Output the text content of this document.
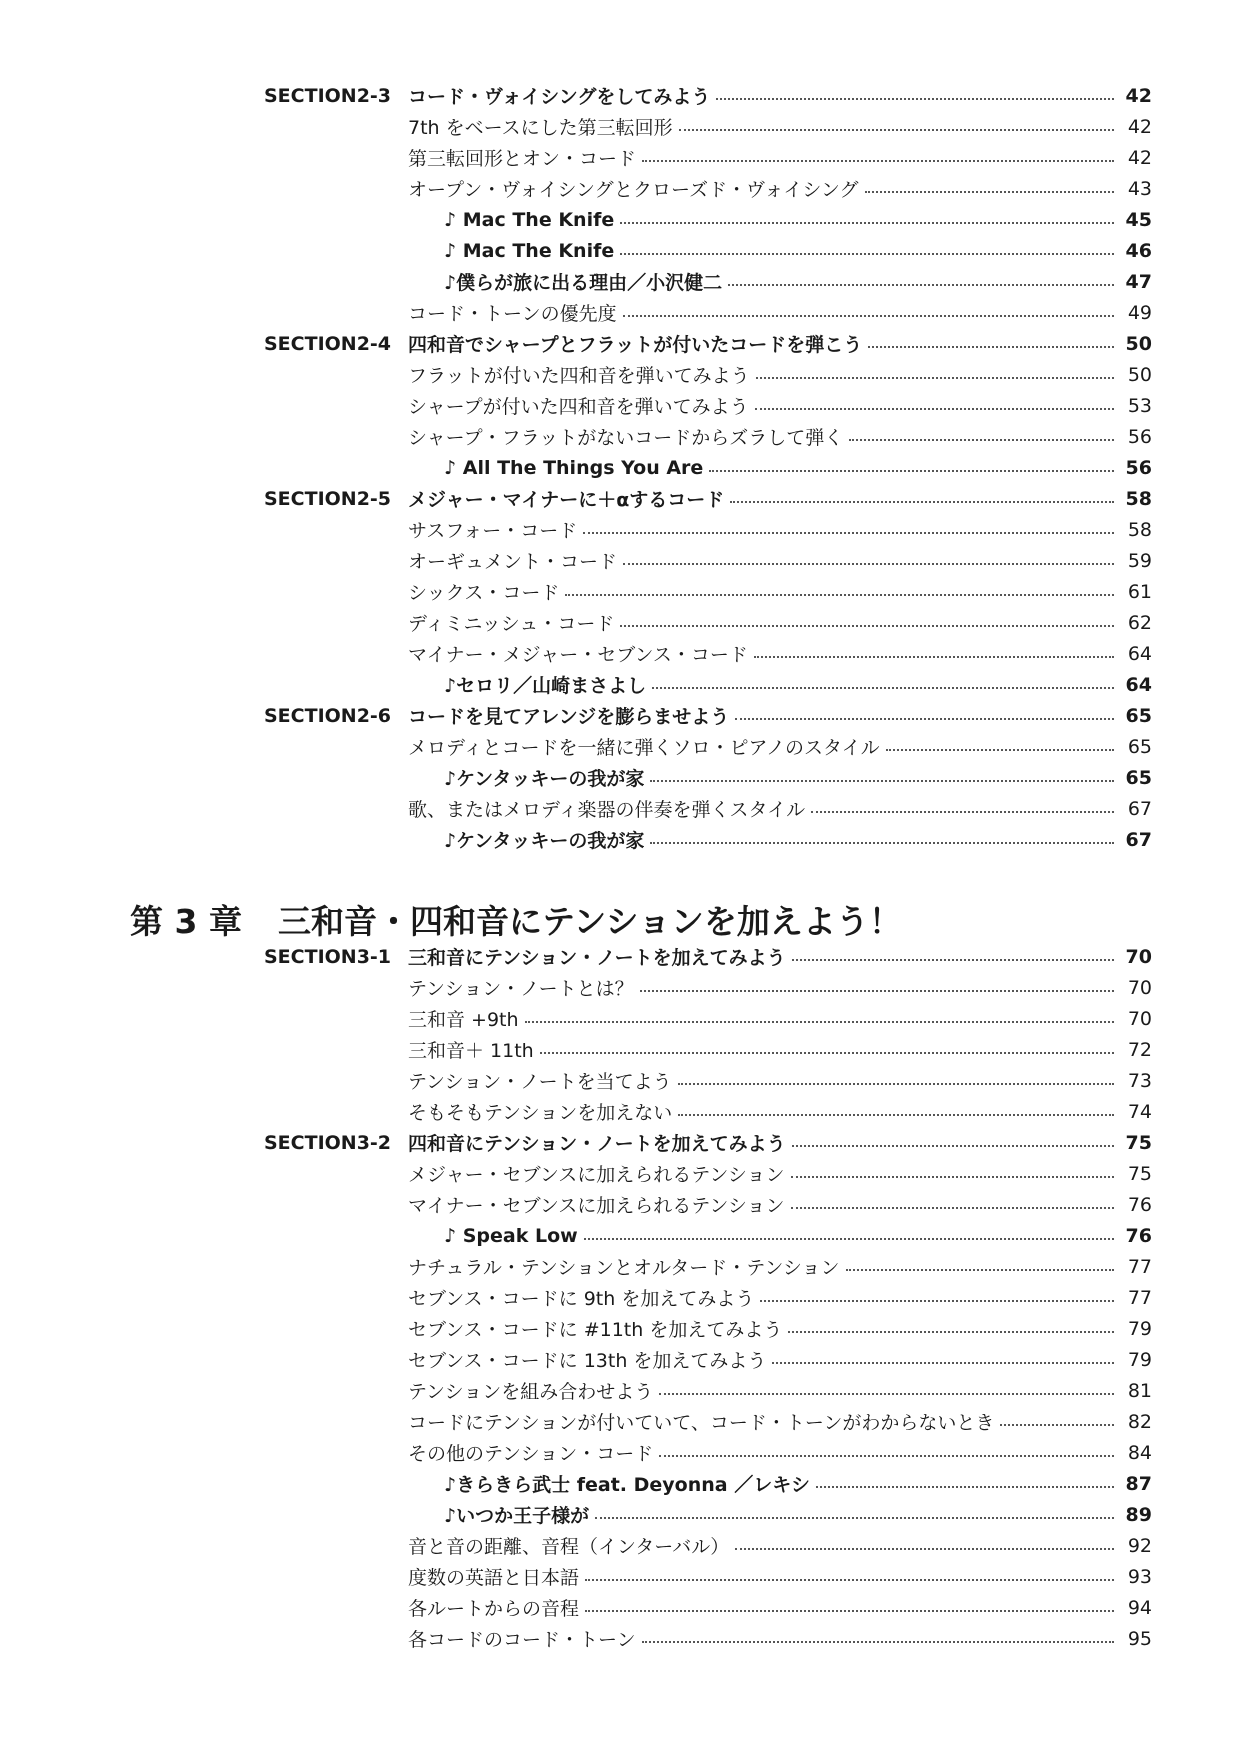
SECTION2-3 コード・ヴォイシングをしてみよう	42
7th をベースにした第三転回形	42
第三転回形とオン・コード	42
オープン・ヴォイシングとクローズド・ヴォイシング	43
♪ Mac The Knife	45
♪ Mac The Knife	46
♪僕らが旅に出る理由／小沢健二	47
コード・トーンの優先度	49
SECTION2-4 四和音でシャープとフラットが付いたコードを弾こう	50
フラットが付いた四和音を弾いてみよう	50
シャープが付いた四和音を弾いてみよう	53
シャープ・フラットがないコードからズラして弾く	56
♪ All The Things You Are	56
SECTION2-5 メジャー・マイナーに＋αするコード	58
サスフォー・コード	58
オーギュメント・コード	59
シックス・コード	61
ディミニッシュ・コード	62
マイナー・メジャー・セブンス・コード	64
♪セロリ／山崎まさよし	64
SECTION2-6 コードを見てアレンジを膨らませよう	65
メロディとコードを一緒に弾くソロ・ピアノのスタイル	65
♪ケンタッキーの我が家	65
歌、またはメロディ楽器の伴奏を弾くスタイル	67
♪ケンタッキーの我が家	67
SECTION3-1 三和音にテンション・ノートを加えてみよう	70
テンション・ノートとは？	70
三和音 +9th	70
三和音＋ 11th	72
テンション・ノートを当てよう	73
そもそもテンションを加えない	74
SECTION3-2 四和音にテンション・ノートを加えてみよう	75
メジャー・セブンスに加えられるテンション	75
マイナー・セブンスに加えられるテンション	76
♪ Speak Low	76
ナチュラル・テンションとオルタード・テンション	77
セブンス・コードに 9th を加えてみよう	77
セブンス・コードに #11th を加えてみよう	79
セブンス・コードに 13th を加えてみよう	79
テンションを組み合わせよう	81
コードにテンションが付いていて、コード・トーンがわからないとき	82
その他のテンション・コード	84
♪きらきら武士 feat. Deyonna ／レキシ	87
♪いつか王子様が	89
音と音の距離、音程（インターバル）	92
度数の英語と日本語	93
各ルートからの音程	94
各コードのコード・トーン	95
第 3 章 三和音・四和音にテンションを加えよう！
